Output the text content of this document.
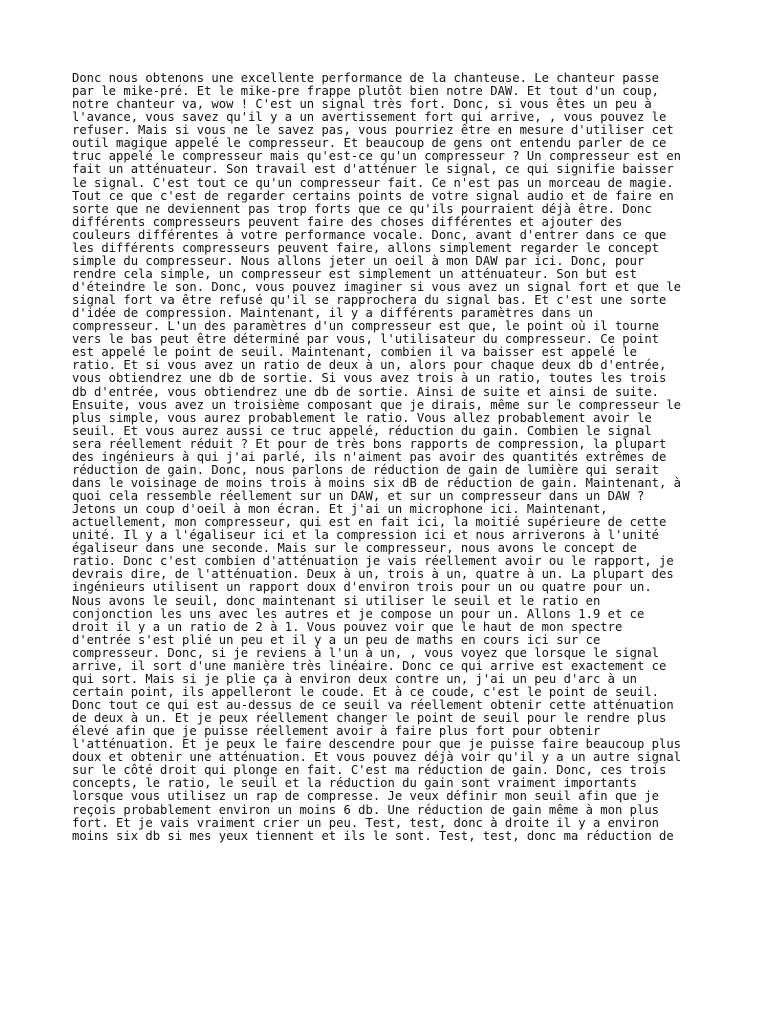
Donc nous obtenons une excellente performance de la chanteuse. Le chanteur passe
par le mike-pré. Et le mike-pre frappe plutôt bien notre DAW. Et tout d'un coup,
notre chanteur va, wow ! C'est un signal très fort. Donc, si vous êtes un peu à
l'avance, vous savez qu'il y a un avertissement fort qui arrive, , vous pouvez le
refuser. Mais si vous ne le savez pas, vous pourriez être en mesure d'utiliser cet
outil magique appelé le compresseur. Et beaucoup de gens ont entendu parler de ce
truc appelé le compresseur mais qu'est-ce qu'un compresseur ? Un compresseur est en
fait un atténuateur. Son travail est d'atténuer le signal, ce qui signifie baisser
le signal. C'est tout ce qu'un compresseur fait. Ce n'est pas un morceau de magie.
Tout ce que c'est de regarder certains points de votre signal audio et de faire en
sorte que ne deviennent pas trop forts que ce qu'ils pourraient déjà être. Donc
différents compresseurs peuvent faire des choses différentes et ajouter des
couleurs différentes à votre performance vocale. Donc, avant d'entrer dans ce que
les différents compresseurs peuvent faire, allons simplement regarder le concept
simple du compresseur. Nous allons jeter un oeil à mon DAW par ici. Donc, pour
rendre cela simple, un compresseur est simplement un atténuateur. Son but est
d'éteindre le son. Donc, vous pouvez imaginer si vous avez un signal fort et que le
signal fort va être refusé qu'il se rapprochera du signal bas. Et c'est une sorte
d'idée de compression. Maintenant, il y a différents paramètres dans un
compresseur. L'un des paramètres d'un compresseur est que, le point où il tourne
vers le bas peut être déterminé par vous, l'utilisateur du compresseur. Ce point
est appelé le point de seuil. Maintenant, combien il va baisser est appelé le
ratio. Et si vous avez un ratio de deux à un, alors pour chaque deux db d'entrée,
vous obtiendrez une db de sortie. Si vous avez trois à un ratio, toutes les trois
db d'entrée, vous obtiendrez une db de sortie. Ainsi de suite et ainsi de suite.
Ensuite, vous avez un troisième composant que je dirais, même sur le compresseur le
plus simple, vous aurez probablement le ratio. Vous allez probablement avoir le
seuil. Et vous aurez aussi ce truc appelé, réduction du gain. Combien le signal
sera réellement réduit ? Et pour de très bons rapports de compression, la plupart
des ingénieurs à qui j'ai parlé, ils n'aiment pas avoir des quantités extrêmes de
réduction de gain. Donc, nous parlons de réduction de gain de lumière qui serait
dans le voisinage de moins trois à moins six dB de réduction de gain. Maintenant, à
quoi cela ressemble réellement sur un DAW, et sur un compresseur dans un DAW ?
Jetons un coup d'oeil à mon écran. Et j'ai un microphone ici. Maintenant,
actuellement, mon compresseur, qui est en fait ici, la moitié supérieure de cette
unité. Il y a l'égaliseur ici et la compression ici et nous arriverons à l'unité
égaliseur dans une seconde. Mais sur le compresseur, nous avons le concept de
ratio. Donc c'est combien d'atténuation je vais réellement avoir ou le rapport, je
devrais dire, de l'atténuation. Deux à un, trois à un, quatre à un. La plupart des
ingénieurs utilisent un rapport doux d'environ trois pour un ou quatre pour un.
Nous avons le seuil, donc maintenant si utiliser le seuil et le ratio en
conjonction les uns avec les autres et je compose un pour un. Allons 1.9 et ce
droit il y a un ratio de 2 à 1. Vous pouvez voir que le haut de mon spectre
d'entrée s'est plié un peu et il y a un peu de maths en cours ici sur ce
compresseur. Donc, si je reviens à l'un à un, , vous voyez que lorsque le signal
arrive, il sort d'une manière très linéaire. Donc ce qui arrive est exactement ce
qui sort. Mais si je plie ça à environ deux contre un, j'ai un peu d'arc à un
certain point, ils appelleront le coude. Et à ce coude, c'est le point de seuil.
Donc tout ce qui est au-dessus de ce seuil va réellement obtenir cette atténuation
de deux à un. Et je peux réellement changer le point de seuil pour le rendre plus
élevé afin que je puisse réellement avoir à faire plus fort pour obtenir
l'atténuation. Et je peux le faire descendre pour que je puisse faire beaucoup plus
doux et obtenir une atténuation. Et vous pouvez déjà voir qu'il y a un autre signal
sur le côté droit qui plonge en fait. C'est ma réduction de gain. Donc, ces trois
concepts, le ratio, le seuil et la réduction du gain sont vraiment importants
lorsque vous utilisez un rap de compresse. Je veux définir mon seuil afin que je
reçois probablement environ un moins 6 db. Une réduction de gain même à mon plus
fort. Et je vais vraiment crier un peu. Test, test, donc à droite il y a environ
moins six db si mes yeux tiennent et ils le sont. Test, test, donc ma réduction de
